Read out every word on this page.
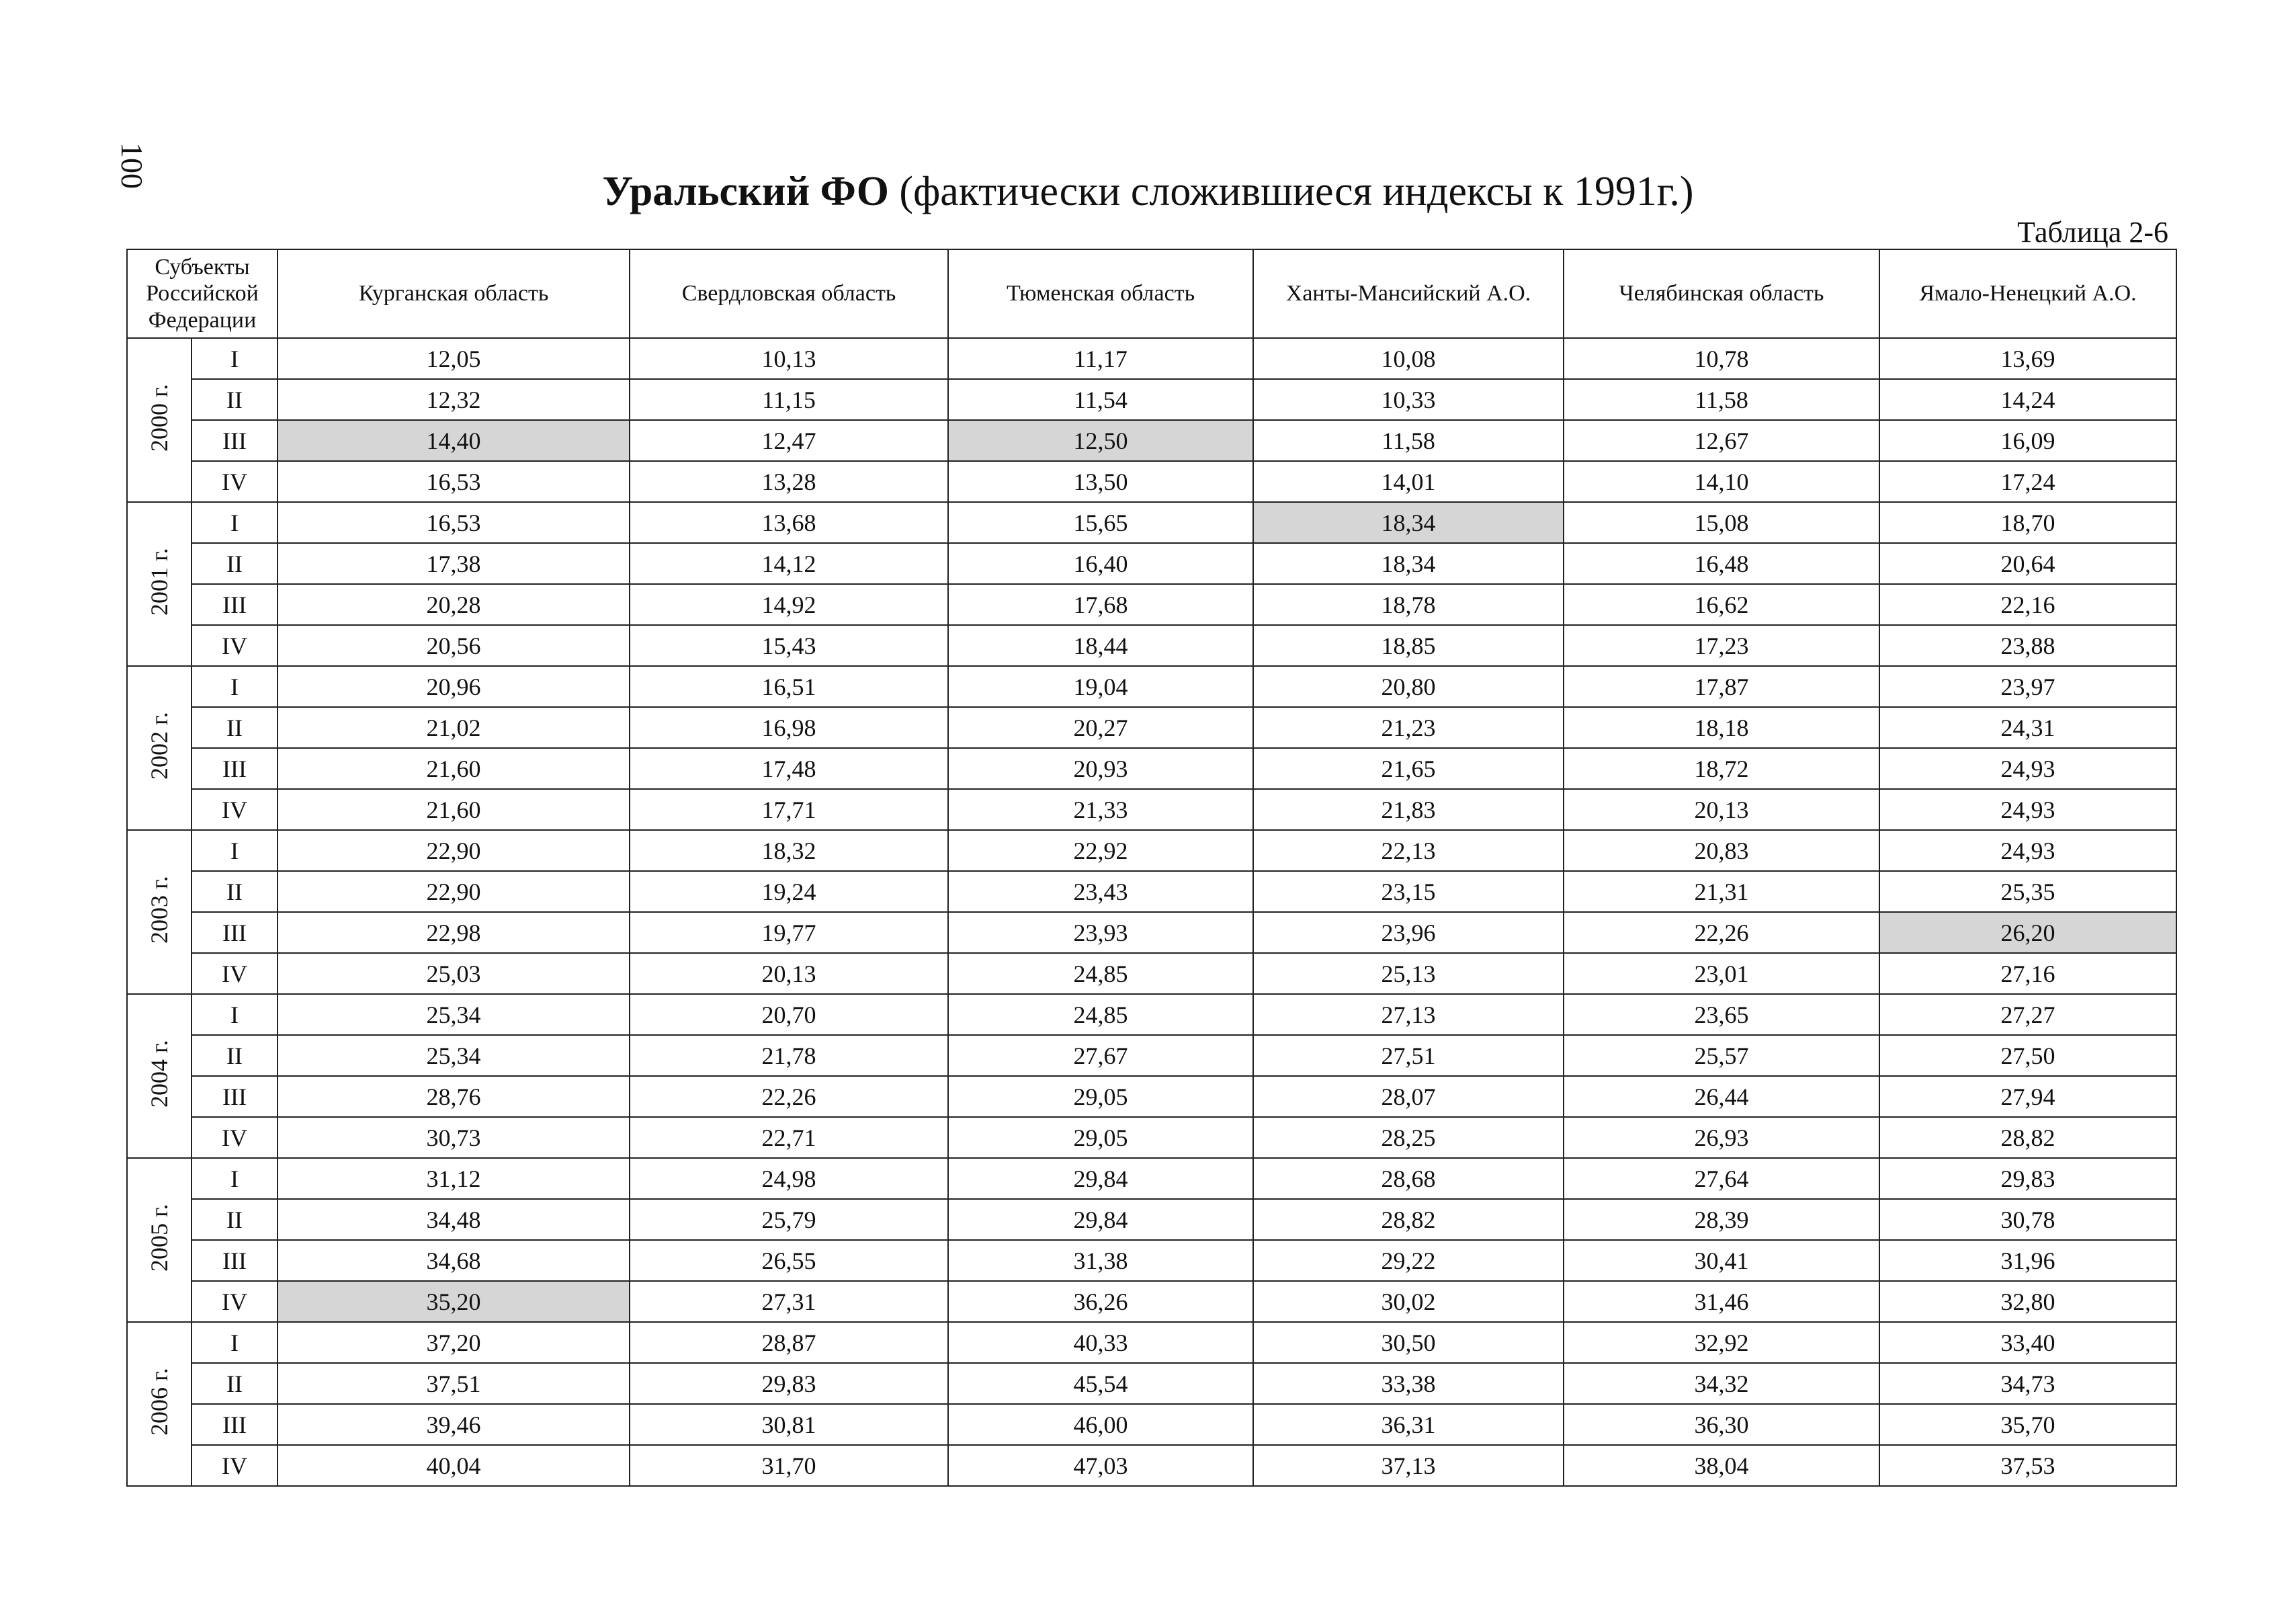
100
Уральский ФО (фактически сложившиеся индексы к 1991г.)
Таблица 2-6
Субъекты Российской Федерации		Курганская область	Свердловская область	Тюменская область	Ханты-Мансийский А.О.	Челябинская область	Ямало-Ненецкий А.О.

2000 г.	I	12,05	10,13	11,17	10,08	10,78	13,69
	II	12,32	11,15	11,54	10,33	11,58	14,24
	III	14,40	12,47	12,50	11,58	12,67	16,09
	IV	16,53	13,28	13,50	14,01	14,10	17,24

2001 г.	I	16,53	13,68	15,65	18,34	15,08	18,70
	II	17,38	14,12	16,40	18,34	16,48	20,64
	III	20,28	14,92	17,68	18,78	16,62	22,16
	IV	20,56	15,43	18,44	18,85	17,23	23,88

2002 г.	I	20,96	16,51	19,04	20,80	17,87	23,97
	II	21,02	16,98	20,27	21,23	18,18	24,31
	III	21,60	17,48	20,93	21,65	18,72	24,93
	IV	21,60	17,71	21,33	21,83	20,13	24,93

2003 г.	I	22,90	18,32	22,92	22,13	20,83	24,93
	II	22,90	19,24	23,43	23,15	21,31	25,35
	III	22,98	19,77	23,93	23,96	22,26	26,20
	IV	25,03	20,13	24,85	25,13	23,01	27,16

2004 г.	I	25,34	20,70	24,85	27,13	23,65	27,27
	II	25,34	21,78	27,67	27,51	25,57	27,50
	III	28,76	22,26	29,05	28,07	26,44	27,94
	IV	30,73	22,71	29,05	28,25	26,93	28,82

2005 г.	I	31,12	24,98	29,84	28,68	27,64	29,83
	II	34,48	25,79	29,84	28,82	28,39	30,78
	III	34,68	26,55	31,38	29,22	30,41	31,96
	IV	35,20	27,31	36,26	30,02	31,46	32,80

2006 г.	I	37,20	28,87	40,33	30,50	32,92	33,40
	II	37,51	29,83	45,54	33,38	34,32	34,73
	III	39,46	30,81	46,00	36,31	36,30	35,70
	IV	40,04	31,70	47,03	37,13	38,04	37,53
